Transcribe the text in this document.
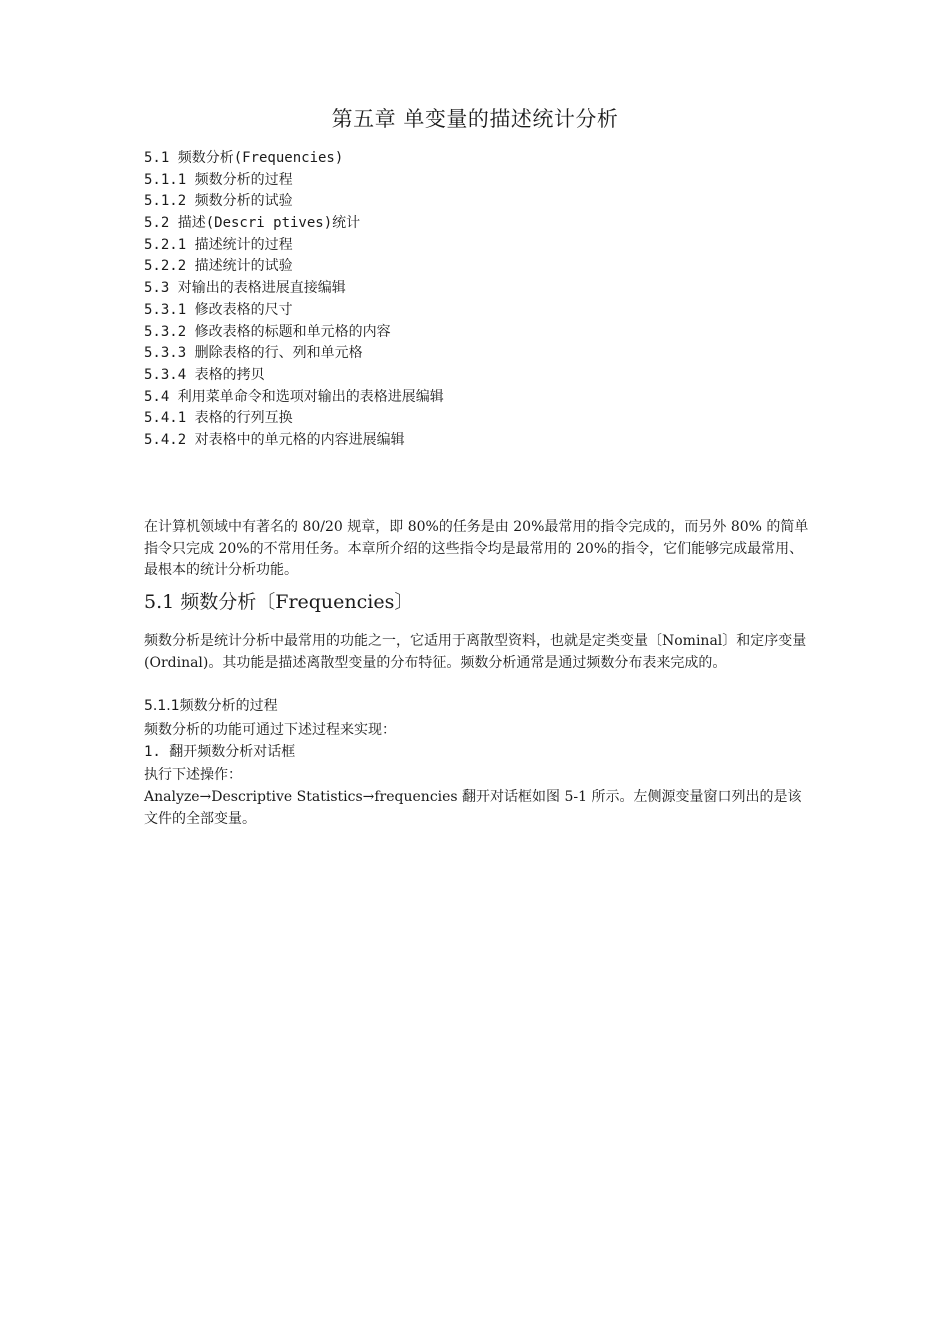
第五章 单变量的描述统计分析
5.1 频数分析(Frequencies)
5.1.1 频数分析的过程
5.1.2 频数分析的试验
5.2 描述(Descri ptives)统计
5.2.1 描述统计的过程
5.2.2 描述统计的试验
5.3 对输出的表格进展直接编辑
5.3.1 修改表格的尺寸
5.3.2 修改表格的标题和单元格的内容
5.3.3 删除表格的行、列和单元格
5.3.4 表格的拷贝
5.4 利用菜单命令和选项对输出的表格进展编辑
5.4.1 表格的行列互换
5.4.2 对表格中的单元格的内容进展编辑
在计算机领域中有著名的 80/20 规章，即 80%的任务是由 20%最常用的指令完成的，而另外 80% 的简单指令只完成 20%的不常用任务。本章所介绍的这些指令均是最常用的 20%的指令，它们能够完成最常用、最根本的统计分析功能。
5.1 频数分析〔Frequencies〕
频数分析是统计分析中最常用的功能之一，它适用于离散型资料，也就是定类变量〔Nominal〕和定序变量(Ordinal)。其功能是描述离散型变量的分布特征。频数分析通常是通过频数分布表来完成的。
5.1.1频数分析的过程
频数分析的功能可通过下述过程来实现：
1. 翻开频数分析对话框
执行下述操作：
Analyze→Descriptive Statistics→frequencies 翻开对话框如图 5-1 所示。左侧源变量窗口列出的是该文件的全部变量。
